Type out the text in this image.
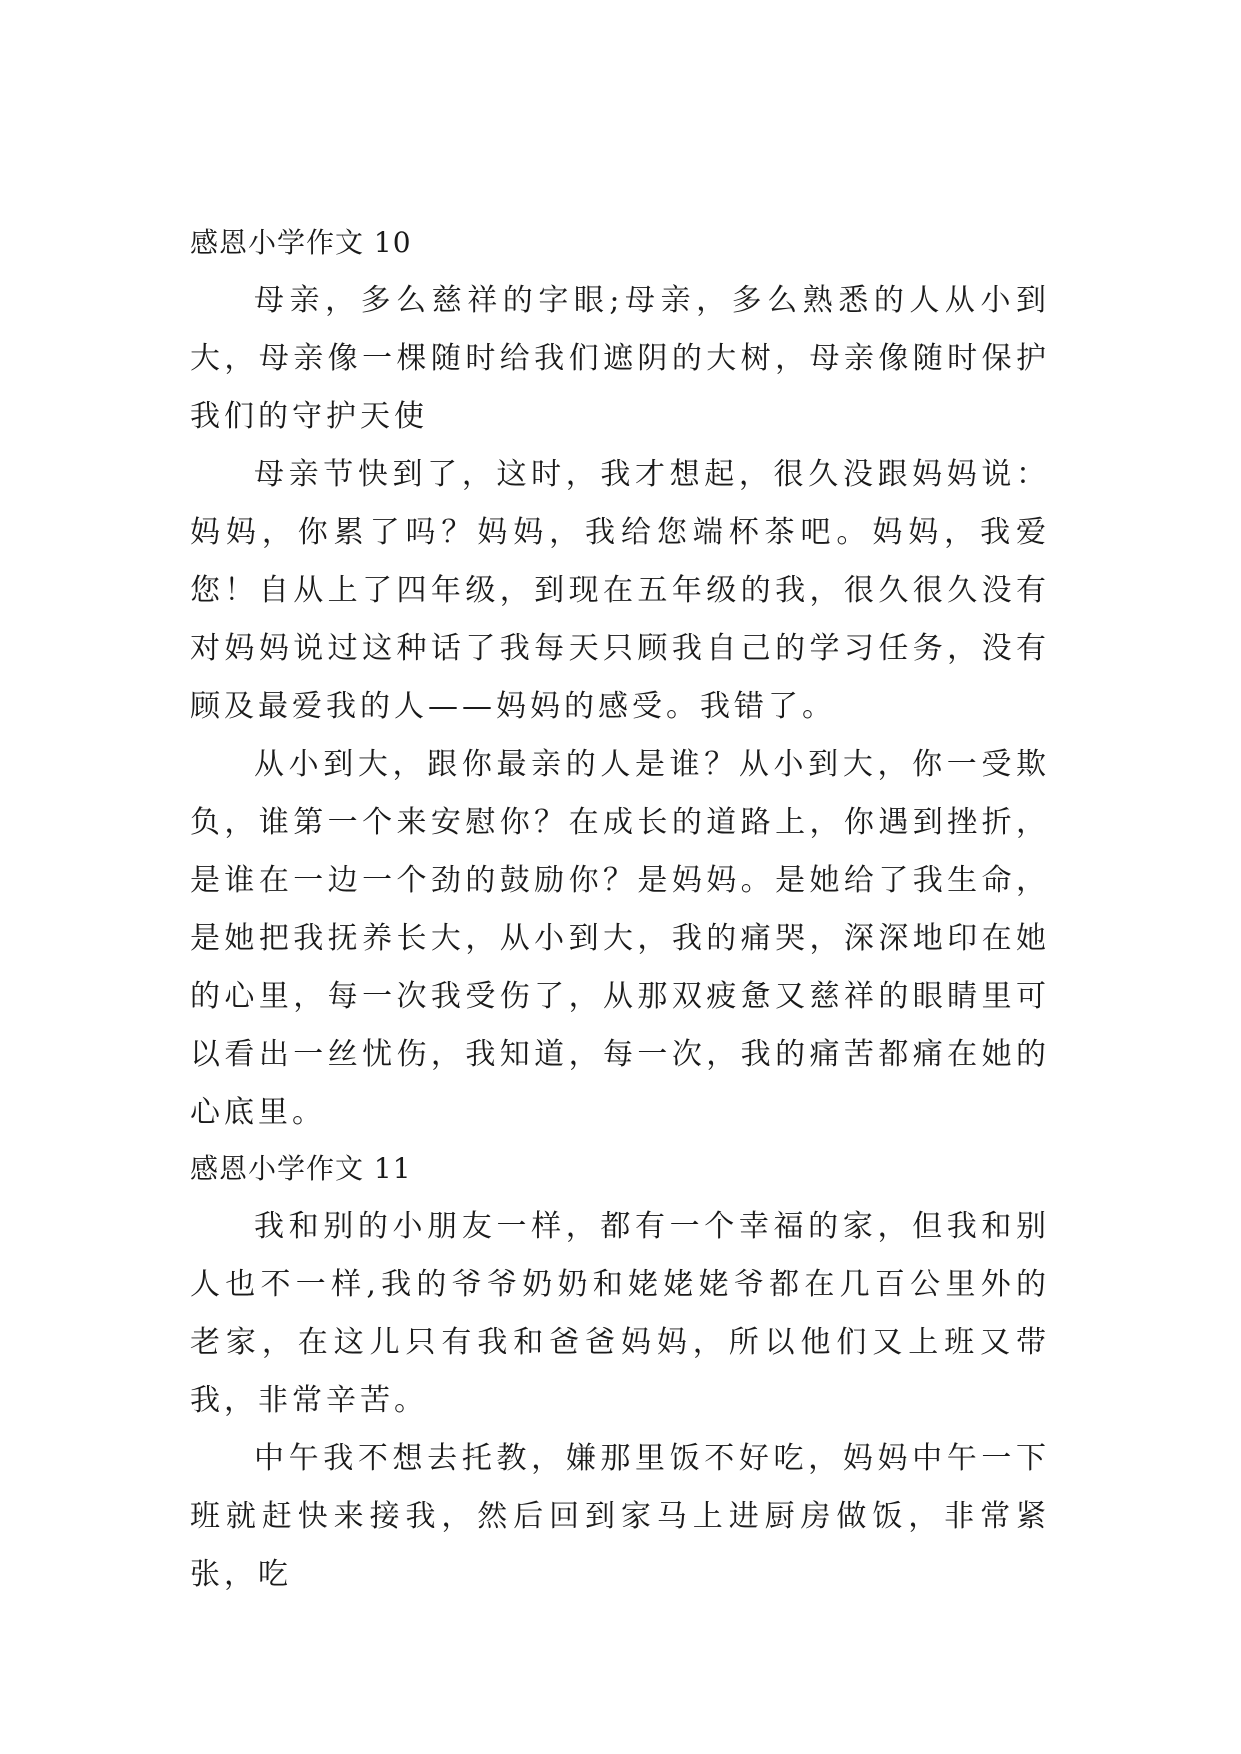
感恩小学作文 10

母亲，多么慈祥的字眼;母亲，多么熟悉的人从小到大，母亲像一棵随时给我们遮阴的大树，母亲像随时保护我们的守护天使

母亲节快到了，这时，我才想起，很久没跟妈妈说：妈妈，你累了吗？妈妈，我给您端杯茶吧。妈妈，我爱您！自从上了四年级，到现在五年级的我，很久很久没有对妈妈说过这种话了我每天只顾我自己的学习任务，没有顾及最爱我的人——妈妈的感受。我错了。

从小到大，跟你最亲的人是谁？从小到大，你一受欺负，谁第一个来安慰你？在成长的道路上，你遇到挫折，是谁在一边一个劲的鼓励你？是妈妈。是她给了我生命，是她把我抚养长大，从小到大，我的痛哭，深深地印在她的心里，每一次我受伤了，从那双疲惫又慈祥的眼睛里可以看出一丝忧伤，我知道，每一次，我的痛苦都痛在她的心底里。

感恩小学作文 11

我和别的小朋友一样，都有一个幸福的家，但我和别人也不一样,我的爷爷奶奶和姥姥姥爷都在几百公里外的老家，在这儿只有我和爸爸妈妈，所以他们又上班又带我，非常辛苦。

中午我不想去托教，嫌那里饭不好吃，妈妈中午一下班就赶快来接我，然后回到家马上进厨房做饭，非常紧张，吃
